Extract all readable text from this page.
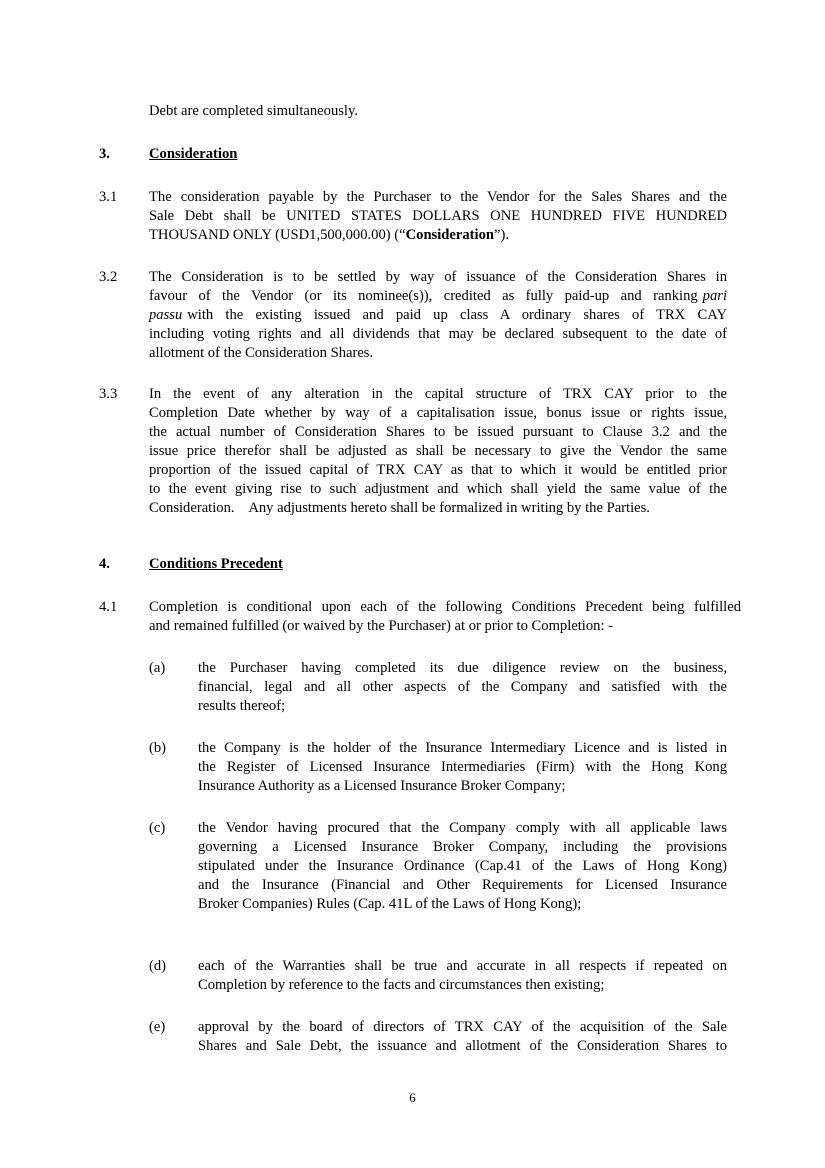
Debt are completed simultaneously.
3.	Consideration
3.1 The consideration payable by the Purchaser to the Vendor for the Sales Shares and the
Sale Debt shall be UNITED STATES DOLLARS ONE HUNDRED FIVE HUNDRED
THOUSAND ONLY (USD1,500,000.00) (“Consideration”).
3.2 The Consideration is to be settled by way of issuance of the Consideration Shares in
favour of the Vendor (or its nominee(s)), credited as fully paid-up and ranking pari
passu with the existing issued and paid up class A ordinary shares of TRX CAY
including voting rights and all dividends that may be declared subsequent to the date of
allotment of the Consideration Shares.
3.3 In the event of any alteration in the capital structure of TRX CAY prior to the
Completion Date whether by way of a capitalisation issue, bonus issue or rights issue,
the actual number of Consideration Shares to be issued pursuant to Clause 3.2 and the
issue price therefor shall be adjusted as shall be necessary to give the Vendor the same
proportion of the issued capital of TRX CAY as that to which it would be entitled prior
to the event giving rise to such adjustment and which shall yield the same value of the
Consideration.    Any adjustments hereto shall be formalized in writing by the Parties.
4.	Conditions Precedent
4.1 Completion is conditional upon each of the following Conditions Precedent being fulfilled
and remained fulfilled (or waived by the Purchaser) at or prior to Completion: -
(a) the Purchaser having completed its due diligence review on the business,
financial, legal and all other aspects of the Company and satisfied with the
results thereof;
(b) the Company is the holder of the Insurance Intermediary Licence and is listed in
the Register of Licensed Insurance Intermediaries (Firm) with the Hong Kong
Insurance Authority as a Licensed Insurance Broker Company;
(c) the Vendor having procured that the Company comply with all applicable laws
governing a Licensed Insurance Broker Company, including the provisions
stipulated under the Insurance Ordinance (Cap.41 of the Laws of Hong Kong)
and the Insurance (Financial and Other Requirements for Licensed Insurance
Broker Companies) Rules (Cap. 41L of the Laws of Hong Kong);
(d) each of the Warranties shall be true and accurate in all respects if repeated on
Completion by reference to the facts and circumstances then existing;
(e) approval by the board of directors of TRX CAY of the acquisition of the Sale
Shares and Sale Debt, the issuance and allotment of the Consideration Shares to
6
